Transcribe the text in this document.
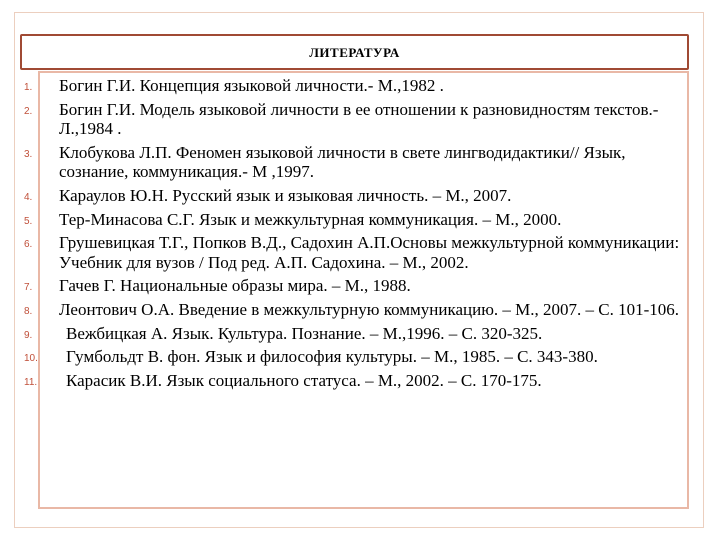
ЛИТЕРАТУРА
1. Богин Г.И. Концепция языковой личности.- М.,1982 .
2. Богин Г.И. Модель языковой личности в ее отношении к разновидностям текстов.- Л.,1984 .
3. Клобукова Л.П. Феномен языковой личности в свете лингводидактики// Язык, сознание, коммуникация.- М ,1997.
4. Караулов Ю.Н. Русский язык и языковая личность. – М., 2007.
5. Тер-Минасова С.Г. Язык и межкультурная коммуникация. – М., 2000.
6. Грушевицкая Т.Г., Попков В.Д., Садохин А.П.Основы межкультурной коммуникации: Учебник для вузов / Под ред. А.П. Садохина. – М., 2002.
7. Гачев Г. Национальные образы мира. – М., 1988.
8. Леонтович О.А. Введение в межкультурную коммуникацию. – М., 2007. – С. 101-106.
9. Вежбицкая А. Язык. Культура. Познание. – М.,1996. – С. 320-325.
10. Гумбольдт В. фон. Язык и философия культуры. – М., 1985. – С. 343-380.
11. Карасик В.И. Язык социального статуса. – М., 2002. – С. 170-175.
